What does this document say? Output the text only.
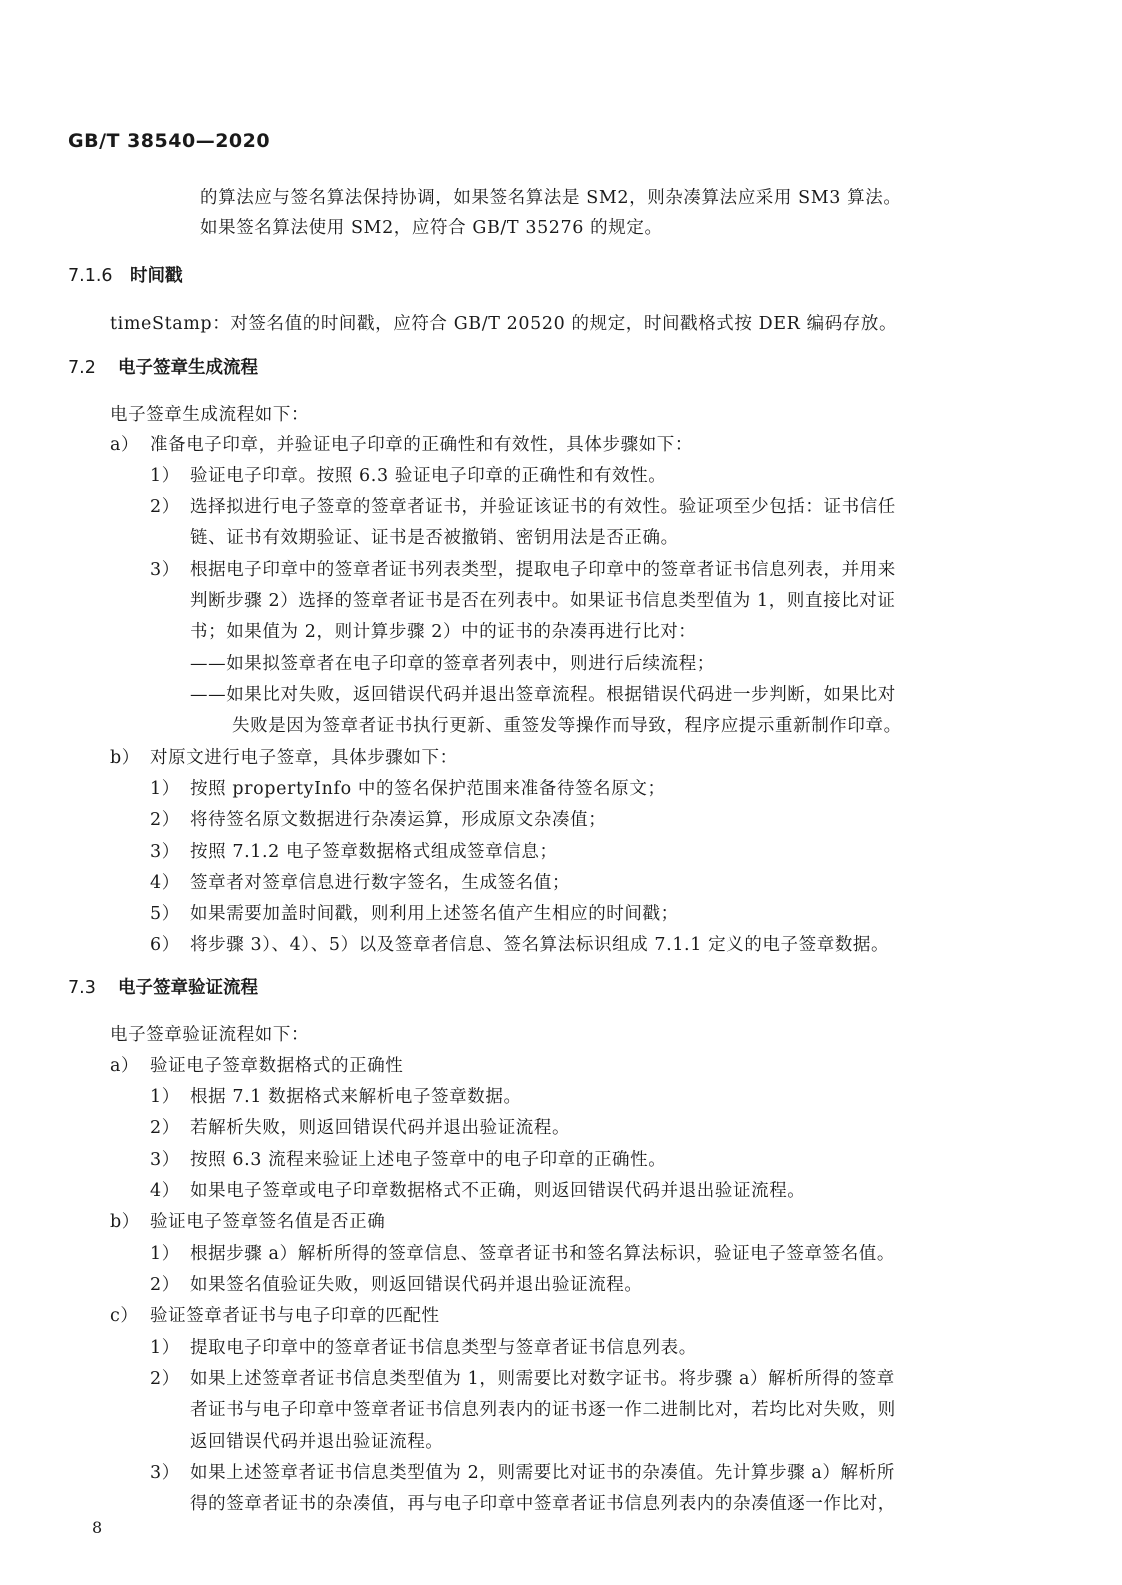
GB/T 38540—2020
的算法应与签名算法保持协调，如果签名算法是 SM2，则杂凑算法应采用 SM3 算法。
如果签名算法使用 SM2，应符合 GB/T 35276 的规定。
7.1.6 时间戳
timeStamp：对签名值的时间戳，应符合 GB/T 20520 的规定，时间戳格式按 DER 编码存放。
7.2 电子签章生成流程
电子签章生成流程如下：
a） 准备电子印章，并验证电子印章的正确性和有效性，具体步骤如下：
1） 验证电子印章。按照 6.3 验证电子印章的正确性和有效性。
2） 选择拟进行电子签章的签章者证书，并验证该证书的有效性。验证项至少包括：证书信任
链、证书有效期验证、证书是否被撤销、密钥用法是否正确。
3） 根据电子印章中的签章者证书列表类型，提取电子印章中的签章者证书信息列表，并用来
判断步骤 2）选择的签章者证书是否在列表中。如果证书信息类型值为 1，则直接比对证
书；如果值为 2，则计算步骤 2）中的证书的杂凑再进行比对：
——如果拟签章者在电子印章的签章者列表中，则进行后续流程；
——如果比对失败，返回错误代码并退出签章流程。根据错误代码进一步判断，如果比对
失败是因为签章者证书执行更新、重签发等操作而导致，程序应提示重新制作印章。
b） 对原文进行电子签章，具体步骤如下：
1） 按照 propertyInfo 中的签名保护范围来准备待签名原文；
2） 将待签名原文数据进行杂凑运算，形成原文杂凑值；
3） 按照 7.1.2 电子签章数据格式组成签章信息；
4） 签章者对签章信息进行数字签名，生成签名值；
5） 如果需要加盖时间戳，则利用上述签名值产生相应的时间戳；
6） 将步骤 3）、4）、5）以及签章者信息、签名算法标识组成 7.1.1 定义的电子签章数据。
7.3 电子签章验证流程
电子签章验证流程如下：
a） 验证电子签章数据格式的正确性
1） 根据 7.1 数据格式来解析电子签章数据。
2） 若解析失败，则返回错误代码并退出验证流程。
3） 按照 6.3 流程来验证上述电子签章中的电子印章的正确性。
4） 如果电子签章或电子印章数据格式不正确，则返回错误代码并退出验证流程。
b） 验证电子签章签名值是否正确
1） 根据步骤 a）解析所得的签章信息、签章者证书和签名算法标识，验证电子签章签名值。
2） 如果签名值验证失败，则返回错误代码并退出验证流程。
c） 验证签章者证书与电子印章的匹配性
1） 提取电子印章中的签章者证书信息类型与签章者证书信息列表。
2） 如果上述签章者证书信息类型值为 1，则需要比对数字证书。将步骤 a）解析所得的签章
者证书与电子印章中签章者证书信息列表内的证书逐一作二进制比对，若均比对失败，则
返回错误代码并退出验证流程。
3） 如果上述签章者证书信息类型值为 2，则需要比对证书的杂凑值。先计算步骤 a）解析所
得的签章者证书的杂凑值，再与电子印章中签章者证书信息列表内的杂凑值逐一作比对，
8
